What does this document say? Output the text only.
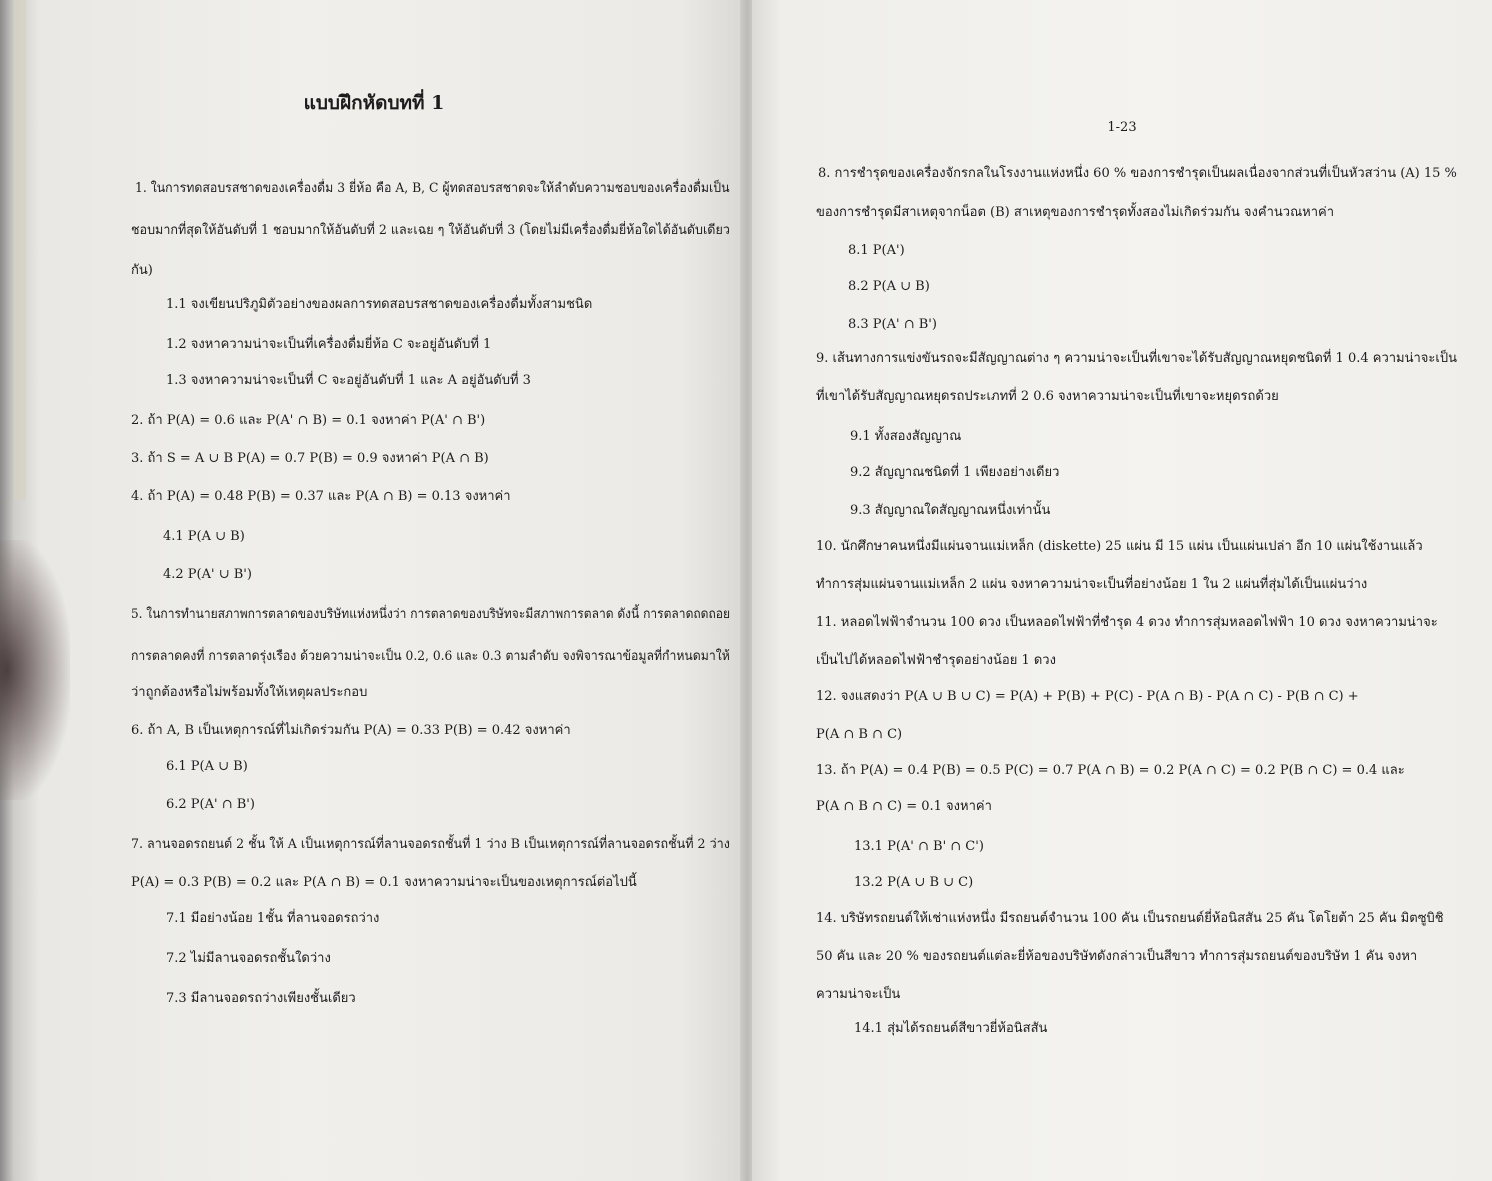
แบบฝึกหัดบทที่ 1
1. ในการทดสอบรสชาดของเครื่องดื่ม 3 ยี่ห้อ คือ A, B, C ผู้ทดสอบรสชาดจะให้ลำดับความชอบของเครื่องดื่มเป็น
ชอบมากที่สุดให้อันดับที่ 1 ชอบมากให้อันดับที่ 2 และเฉย ๆ ให้อันดับที่ 3 (โดยไม่มีเครื่องดื่มยี่ห้อใดได้อันดับเดียว
กัน)
1.1 จงเขียนปริภูมิตัวอย่างของผลการทดสอบรสชาดของเครื่องดื่มทั้งสามชนิด
1.2 จงหาความน่าจะเป็นที่เครื่องดื่มยี่ห้อ C จะอยู่อันดับที่ 1
1.3 จงหาความน่าจะเป็นที่ C จะอยู่อันดับที่ 1 และ A อยู่อันดับที่ 3
2. ถ้า P(A) = 0.6 และ P(A' ∩ B) = 0.1 จงหาค่า P(A' ∩ B')
3. ถ้า S = A ∪ B P(A) = 0.7 P(B) = 0.9 จงหาค่า P(A ∩ B)
4. ถ้า P(A) = 0.48 P(B) = 0.37 และ P(A ∩ B) = 0.13 จงหาค่า
4.1 P(A ∪ B)
4.2 P(A' ∪ B')
5. ในการทำนายสภาพการตลาดของบริษัทแห่งหนึ่งว่า การตลาดของบริษัทจะมีสภาพการตลาด ดังนี้ การตลาดถดถอย
การตลาดคงที่ การตลาดรุ่งเรือง ด้วยความน่าจะเป็น 0.2, 0.6 และ 0.3 ตามลำดับ จงพิจารณาข้อมูลที่กำหนดมาให้
ว่าถูกต้องหรือไม่พร้อมทั้งให้เหตุผลประกอบ
6. ถ้า A, B เป็นเหตุการณ์ที่ไม่เกิดร่วมกัน P(A) = 0.33 P(B) = 0.42 จงหาค่า
6.1 P(A ∪ B)
6.2 P(A' ∩ B')
7. ลานจอดรถยนต์ 2 ชั้น ให้ A เป็นเหตุการณ์ที่ลานจอดรถชั้นที่ 1 ว่าง B เป็นเหตุการณ์ที่ลานจอดรถชั้นที่ 2 ว่าง
P(A) = 0.3 P(B) = 0.2 และ P(A ∩ B) = 0.1 จงหาความน่าจะเป็นของเหตุการณ์ต่อไปนี้
7.1 มีอย่างน้อย 1ชั้น ที่ลานจอดรถว่าง
7.2 ไม่มีลานจอดรถชั้นใดว่าง
7.3 มีลานจอดรถว่างเพียงชั้นเดียว
1-23
8. การชำรุดของเครื่องจักรกลในโรงงานแห่งหนึ่ง 60 % ของการชำรุดเป็นผลเนื่องจากส่วนที่เป็นหัวสว่าน (A) 15 %
ของการชำรุดมีสาเหตุจากน็อต (B) สาเหตุของการชำรุดทั้งสองไม่เกิดร่วมกัน จงคำนวณหาค่า
8.1 P(A')
8.2 P(A ∪ B)
8.3 P(A' ∩ B')
9. เส้นทางการแข่งขันรถจะมีสัญญาณต่าง ๆ ความน่าจะเป็นที่เขาจะได้รับสัญญาณหยุดชนิดที่ 1 0.4 ความน่าจะเป็น
ที่เขาได้รับสัญญาณหยุดรถประเภทที่ 2 0.6 จงหาความน่าจะเป็นที่เขาจะหยุดรถด้วย
9.1 ทั้งสองสัญญาณ
9.2 สัญญาณชนิดที่ 1 เพียงอย่างเดียว
9.3 สัญญาณใดสัญญาณหนึ่งเท่านั้น
10. นักศึกษาคนหนึ่งมีแผ่นจานแม่เหล็ก (diskette) 25 แผ่น มี 15 แผ่น เป็นแผ่นเปล่า อีก 10 แผ่นใช้งานแล้ว
ทำการสุ่มแผ่นจานแม่เหล็ก 2 แผ่น จงหาความน่าจะเป็นที่อย่างน้อย 1 ใน 2 แผ่นที่สุ่มได้เป็นแผ่นว่าง
11. หลอดไฟฟ้าจำนวน 100 ดวง เป็นหลอดไฟฟ้าที่ชำรุด 4 ดวง ทำการสุ่มหลอดไฟฟ้า 10 ดวง จงหาความน่าจะ
เป็นไปได้หลอดไฟฟ้าชำรุดอย่างน้อย 1 ดวง
12. จงแสดงว่า P(A ∪ B ∪ C) = P(A) + P(B) + P(C) - P(A ∩ B) - P(A ∩ C) - P(B ∩ C) +
P(A ∩ B ∩ C)
13. ถ้า P(A) = 0.4 P(B) = 0.5 P(C) = 0.7 P(A ∩ B) = 0.2 P(A ∩ C) = 0.2 P(B ∩ C) = 0.4 และ
P(A ∩ B ∩ C) = 0.1 จงหาค่า
13.1 P(A' ∩ B' ∩ C')
13.2 P(A ∪ B ∪ C)
14. บริษัทรถยนต์ให้เช่าแห่งหนึ่ง มีรถยนต์จำนวน 100 คัน เป็นรถยนต์ยี่ห้อนิสสัน 25 คัน โตโยต้า 25 คัน มิตซูบิชิ
50 คัน และ 20 % ของรถยนต์แต่ละยี่ห้อของบริษัทดังกล่าวเป็นสีขาว ทำการสุ่มรถยนต์ของบริษัท 1 คัน จงหา
ความน่าจะเป็น
14.1 สุ่มได้รถยนต์สีขาวยี่ห้อนิสสัน
